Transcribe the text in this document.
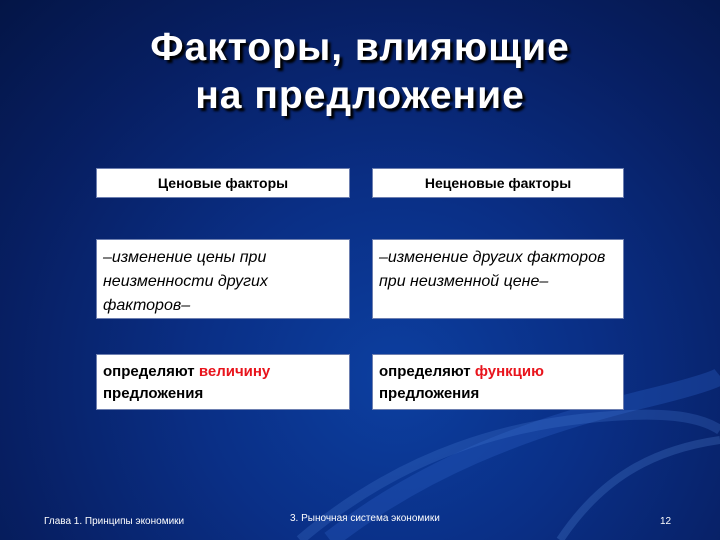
Факторы, влияющие
на предложение
Ценовые факторы
–изменение цены при неизменности других факторов–
определяют величину
предложения
Неценовые факторы
–изменение других факторов при неизменной цене–
определяют функцию
предложения
Глава 1. Принципы экономики	3. Рыночная система экономики	12
